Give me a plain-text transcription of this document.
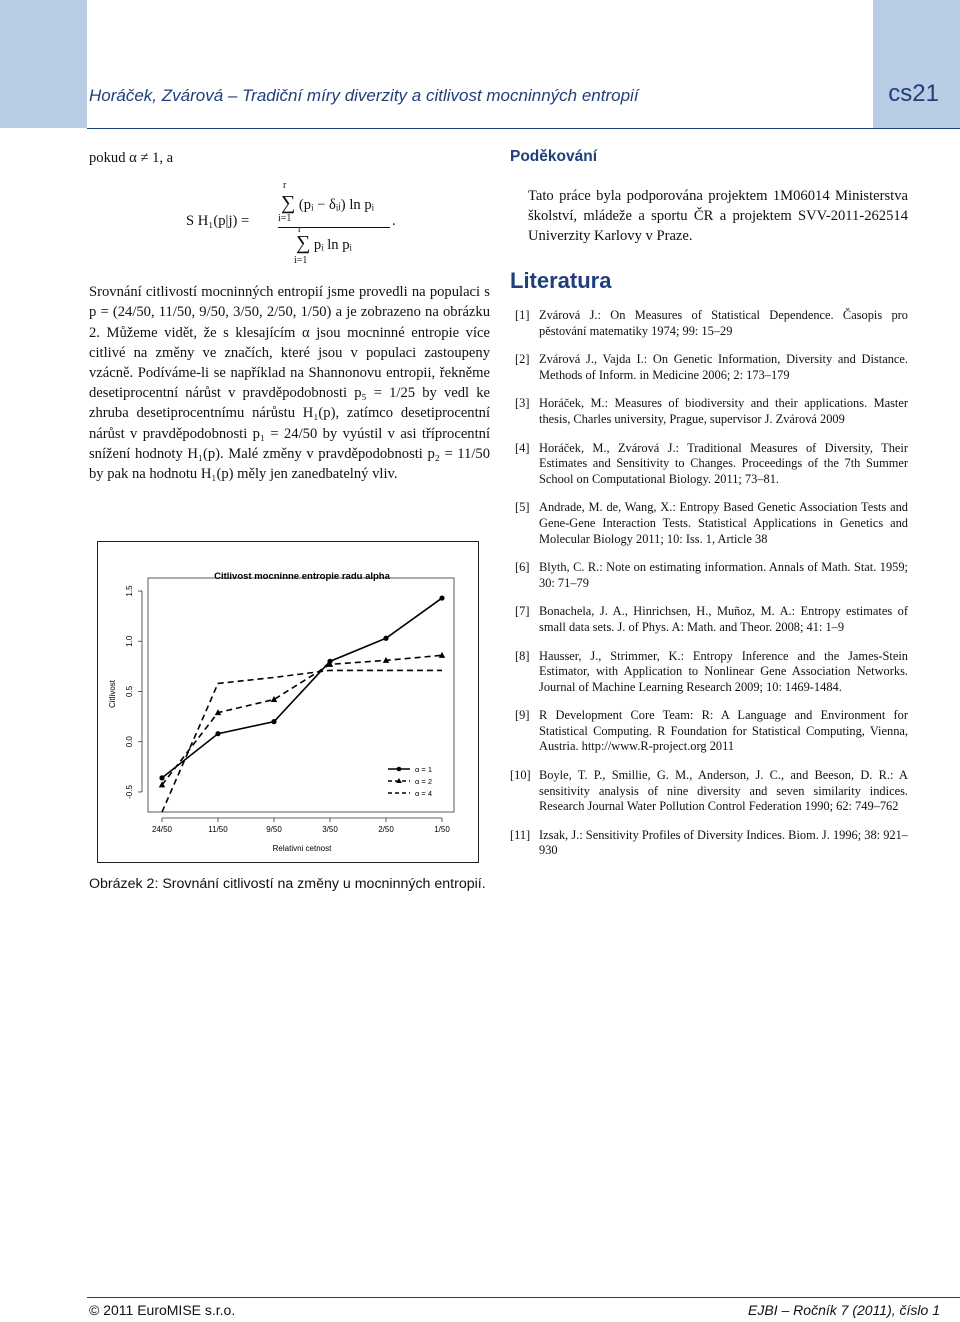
Horáček, Zvárová – Tradiční míry diverzity a citlivost mocninných entropií	cs21

pokud α ≠ 1, a

Srovnání citlivostí mocninných entropií jsme provedli na populaci s p = (24/50, 11/50, 9/50, 3/50, 2/50, 1/50) a je zobrazeno na obrázku 2. Můžeme vidět, že s klesajícím α jsou mocninné entropie více citlivé na změny ve značích, které jsou v populaci zastoupeny vzácně. Podíváme-li se například na Shannonovu entropii, řekněme desetiprocentní nárůst v pravděpodobnosti p₅ = 1/25 by vedl ke zhruba desetiprocentnímu nárůstu H₁(p), zatímco desetiprocentní nárůst v pravděpodobnosti p₁ = 24/50 by vyústil v asi tříprocentní snížení hodnoty H₁(p). Malé změny v pravděpodobnosti p₂ = 11/50 by pak na hodnotu H₁(p) měly jen zanedbatelný vliv.

S H₁(p|j) =
∑ (pᵢ − δᵢⱼ) ln pᵢ
r
i=1
∑ pᵢ ln pᵢ
r
i=1
.
Citlivost mocninne entropie radu alpha
24/50	11/50	9/50	3/50	2/50	1/50
Relativni cetnost
-0.5
0.0
0.5
1.0
1.5
Citlivost
α = 1
α = 2
α = 4
Obrázek 2: Srovnání citlivostí na změny u mocninných entropií.
Poděkování

Tato práce byla podporována projektem 1M06014 Ministerstva školství, mládeže a sportu ČR a projektem SVV-2011-262514 Univerzity Karlovy v Praze.

Literatura
[1] Zvárová J.: On Measures of Statistical Dependence. Časopis pro pěstování matematiky 1974; 99: 15–29
[2] Zvárová J., Vajda I.: On Genetic Information, Diversity and Distance. Methods of Inform. in Medicine 2006; 2: 173–179
[3] Horáček, M.: Measures of biodiversity and their applications. Master thesis, Charles university, Prague, supervisor J. Zvárová 2009
[4] Horáček, M., Zvárová J.: Traditional Measures of Diversity, Their Estimates and Sensitivity to Changes. Proceedings of the 7th Summer School on Computational Biology. 2011; 73–81.
[5] Andrade, M. de, Wang, X.: Entropy Based Genetic Association Tests and Gene-Gene Interaction Tests. Statistical Applications in Genetics and Molecular Biology 2011; 10: Iss. 1, Article 38
[6] Blyth, C. R.: Note on estimating information. Annals of Math. Stat. 1959; 30: 71–79
[7] Bonachela, J. A., Hinrichsen, H., Muñoz, M. A.: Entropy estimates of small data sets. J. of Phys. A: Math. and Theor. 2008; 41: 1–9
[8] Hausser, J., Strimmer, K.: Entropy Inference and the James-Stein Estimator, with Application to Nonlinear Gene Association Networks. Journal of Machine Learning Research 2009; 10: 1469-1484.
[9] R Development Core Team: R: A Language and Environment for Statistical Computing. R Foundation for Statistical Computing, Vienna, Austria. http://www.R-project.org 2011
[10] Boyle, T. P., Smillie, G. M., Anderson, J. C., and Beeson, D. R.: A sensitivity analysis of nine diversity and seven similarity indices. Research Journal Water Pollution Control Federation 1990; 62: 749–762
[11] Izsak, J.: Sensitivity Profiles of Diversity Indices. Biom. J. 1996; 38: 921–930
© 2011 EuroMISE s.r.o.	EJBI – Ročník 7 (2011), číslo 1
